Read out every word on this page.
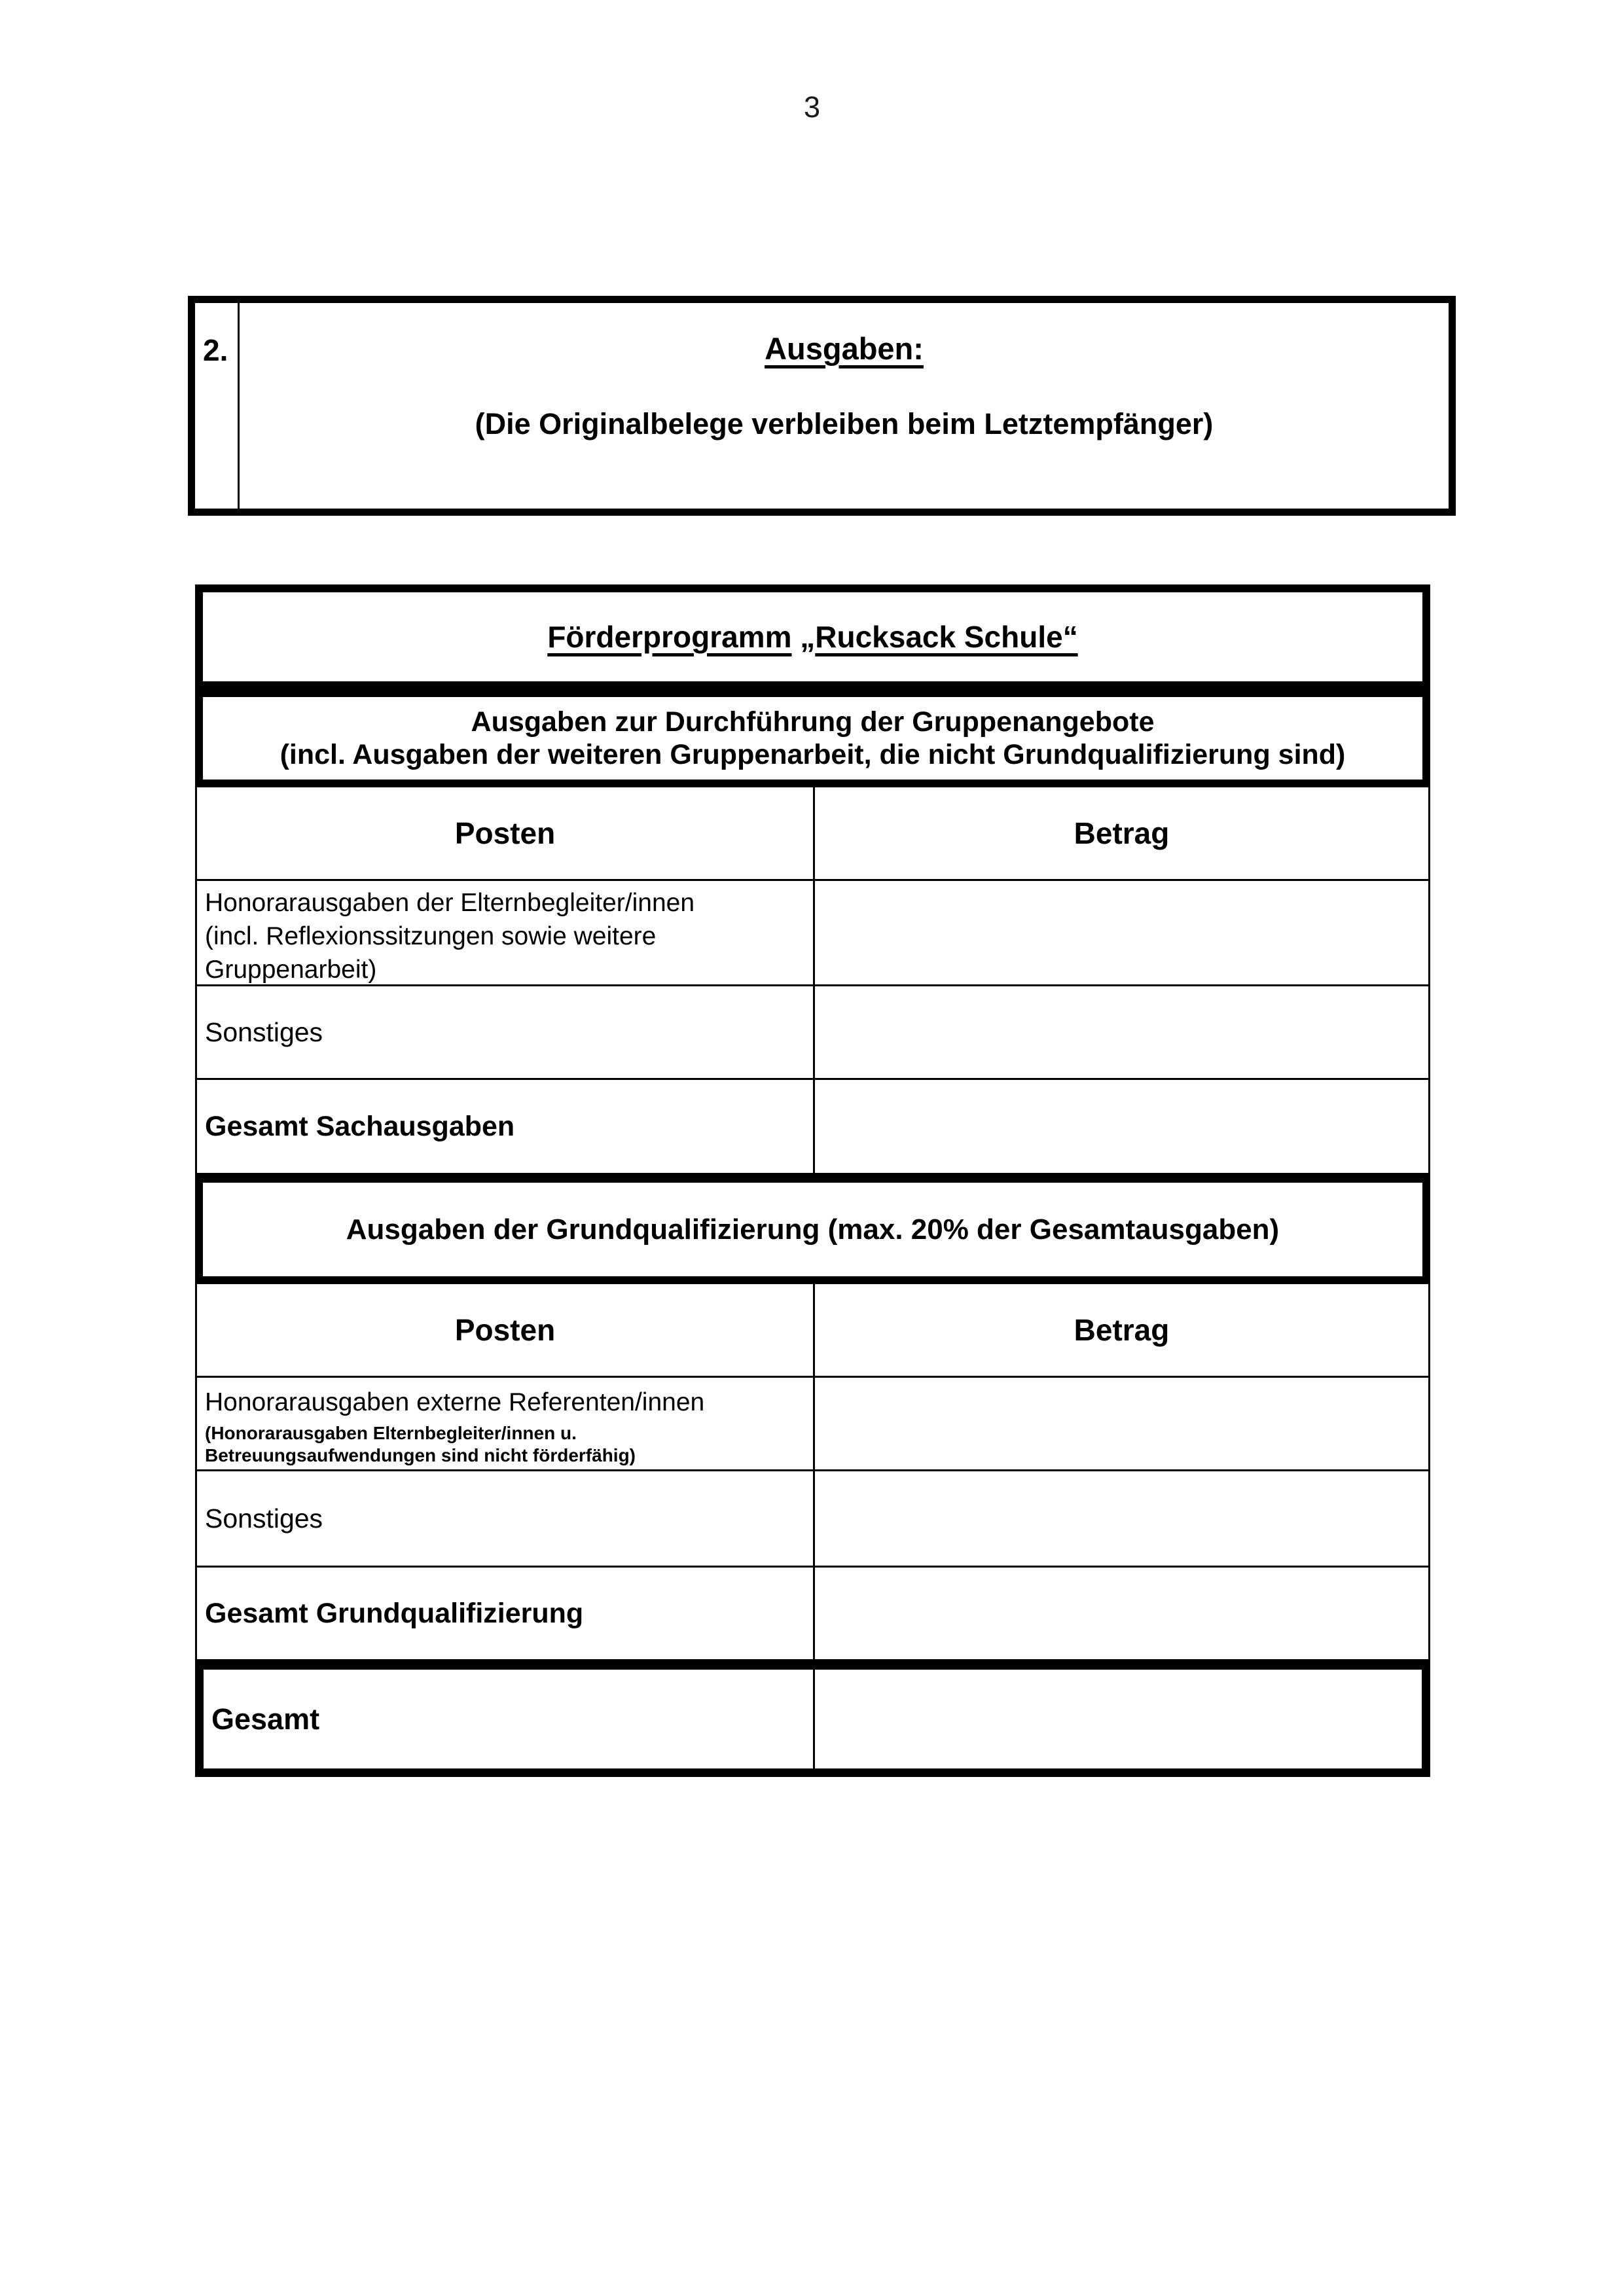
3
2.	Ausgaben:
(Die Originalbelege verbleiben beim Letztempfänger)
Förderprogramm „Rucksack Schule“
Ausgaben zur Durchführung der Gruppenangebote
(incl. Ausgaben der weiteren Gruppenarbeit, die nicht Grundqualifizierung sind)
Posten	Betrag
Honorarausgaben der Elternbegleiter/innen
(incl. Reflexionssitzungen sowie weitere
Gruppenarbeit)
Sonstiges
Gesamt Sachausgaben
Ausgaben der Grundqualifizierung (max. 20% der Gesamtausgaben)
Posten	Betrag
Honorarausgaben externe Referenten/innen
(Honorarausgaben Elternbegleiter/innen u.
Betreuungsaufwendungen sind nicht förderfähig)
Sonstiges
Gesamt Grundqualifizierung
Gesamt
